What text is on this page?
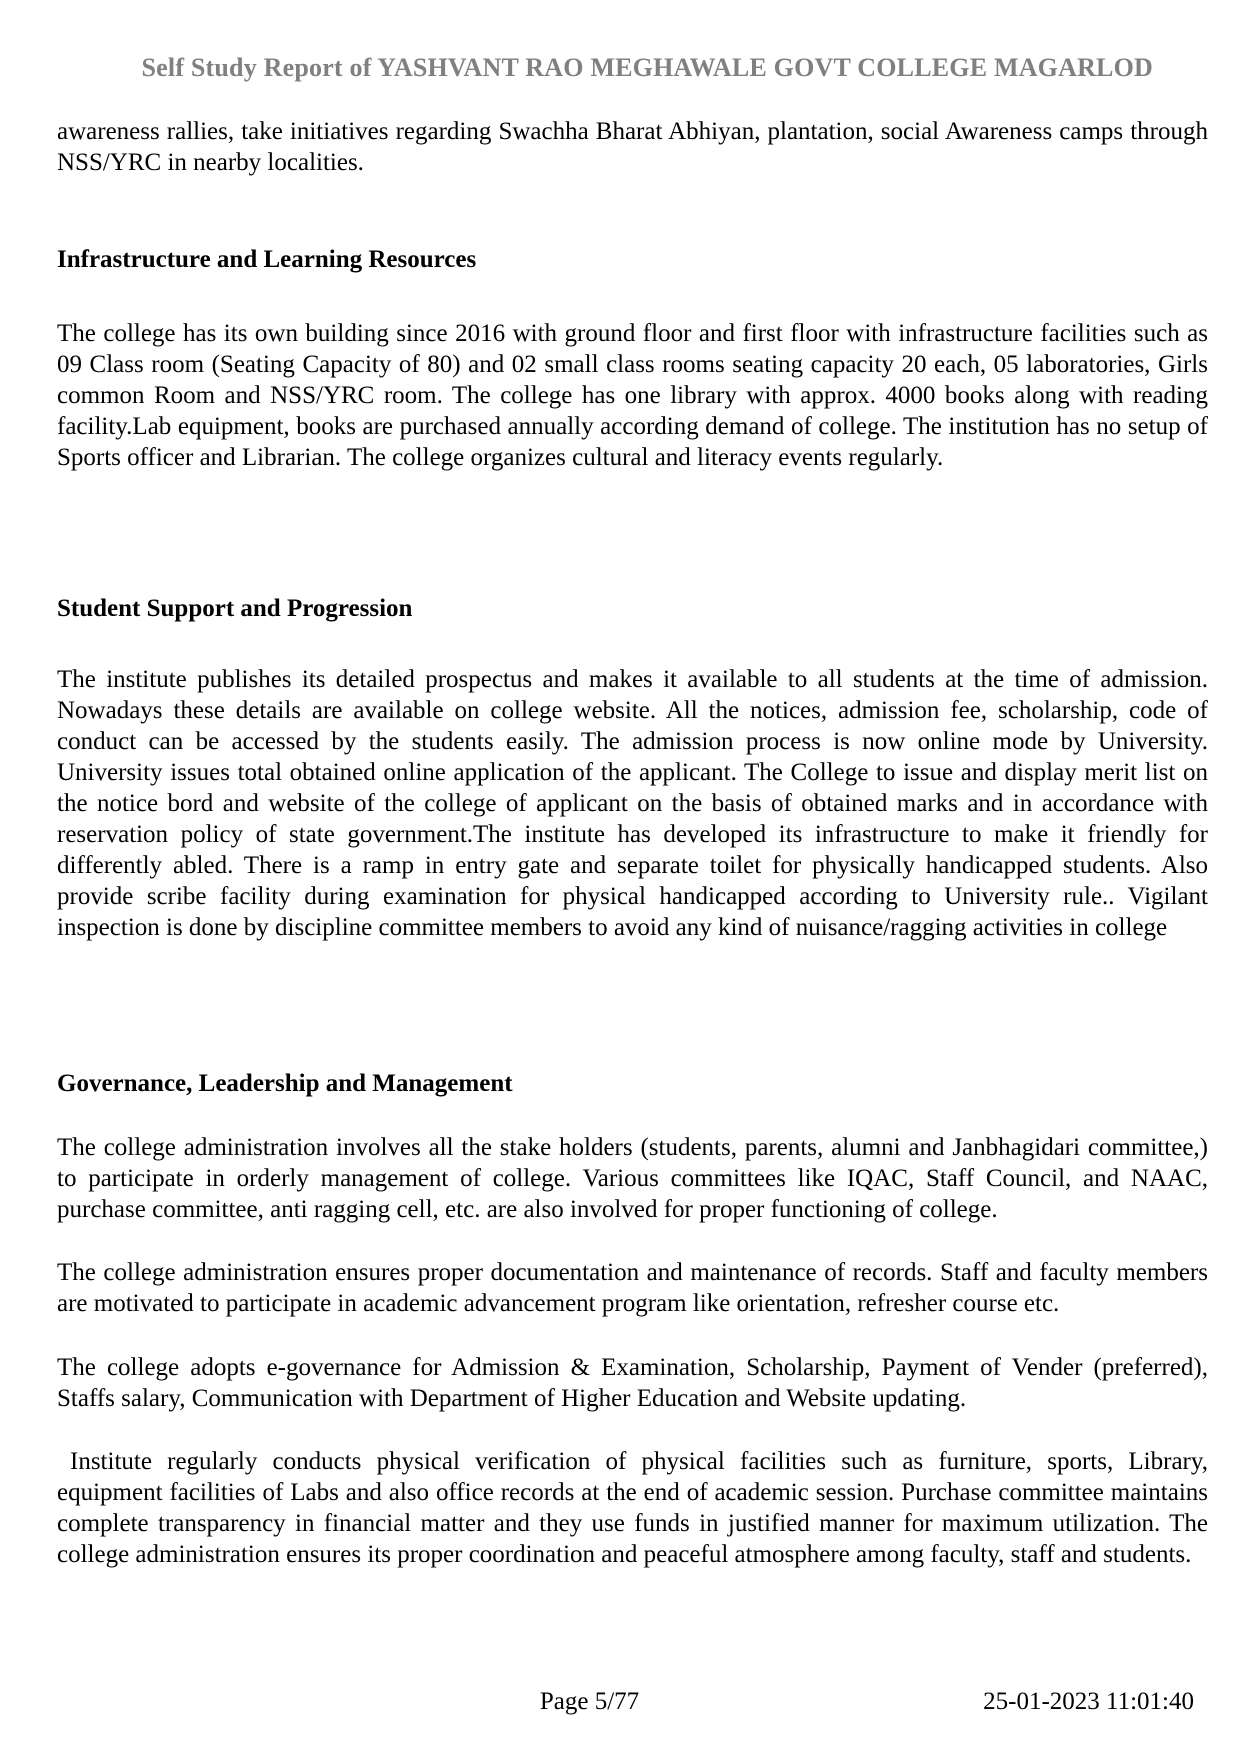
Self Study Report of YASHVANT RAO MEGHAWALE GOVT COLLEGE MAGARLOD

awareness rallies, take initiatives regarding Swachha Bharat Abhiyan, plantation, social Awareness camps through NSS/YRC in nearby localities.

Infrastructure and Learning Resources

The college has its own building since 2016 with ground floor and first floor with infrastructure facilities such as 09 Class room (Seating Capacity of 80) and 02 small class rooms seating capacity 20 each, 05 laboratories, Girls common Room and NSS/YRC room. The college has one library with approx. 4000 books along with reading facility.Lab equipment, books are purchased annually according demand of college. The institution has no setup of Sports officer and Librarian. The college organizes cultural and literacy events regularly.

Student Support and Progression

The institute publishes its detailed prospectus and makes it available to all students at the time of admission. Nowadays these details are available on college website. All the notices, admission fee, scholarship, code of conduct can be accessed by the students easily. The admission process is now online mode by University. University issues total obtained online application of the applicant. The College to issue and display merit list on the notice bord and website of the college of applicant on the basis of obtained marks and in accordance with reservation policy of state government.The institute has developed its infrastructure to make it friendly for differently abled. There is a ramp in entry gate and separate toilet for physically handicapped students. Also provide scribe facility during examination for physical handicapped according to University rule.. Vigilant inspection is done by discipline committee members to avoid any kind of nuisance/ragging activities in college

Governance, Leadership and Management

The college administration involves all the stake holders (students, parents, alumni and Janbhagidari committee,) to participate in orderly management of college. Various committees like IQAC, Staff Council, and NAAC, purchase committee, anti ragging cell, etc. are also involved for proper functioning of college.

The college administration ensures proper documentation and maintenance of records. Staff and faculty members are motivated to participate in academic advancement program like orientation, refresher course etc.

The college adopts e-governance for Admission & Examination, Scholarship, Payment of Vender (preferred), Staffs salary, Communication with Department of Higher Education and Website updating.

Institute regularly conducts physical verification of physical facilities such as furniture, sports, Library, equipment facilities of Labs and also office records at the end of academic session. Purchase committee maintains complete transparency in financial matter and they use funds in justified manner for maximum utilization. The college administration ensures its proper coordination and peaceful atmosphere among faculty, staff and students.

Page 5/77	25-01-2023 11:01:40
